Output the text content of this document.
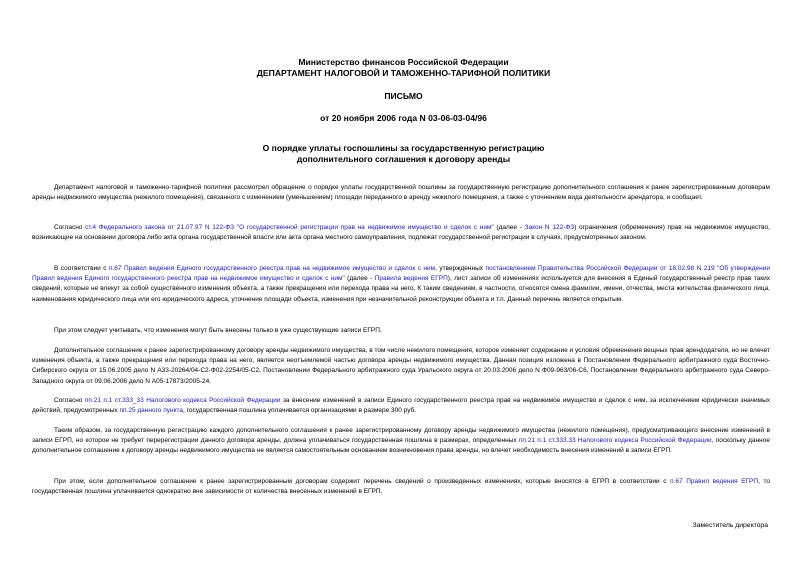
Министерство финансов Российской Федерации

ДЕПАРТАМЕНТ НАЛОГОВОЙ И ТАМОЖЕННО-ТАРИФНОЙ ПОЛИТИКИ

ПИСЬМО

от 20 ноября 2006 года N 03-06-03-04/96

О порядке уплаты госпошлины за государственную регистрацию

дополнительного соглашения к договору аренды

Департамент налоговой и таможенно-тарифной политики рассмотрел обращение о порядке уплаты государственной пошлины за государственную регистрацию дополнительного соглашения к ранее зарегистрированным договорам аренды недвижимого имущества (нежилого помещения), связанного с изменением (уменьшением) площади переданного в аренду нежилого помещения, а также с уточнением вида деятельности арендатора, и сообщает.

Согласно ст.4 Федерального закона от 21.07.97 N 122-ФЗ "О государственной регистрации прав на недвижимое имущество и сделок с ним" (далее - Закон N 122-ФЗ) ограничения (обременения) прав на недвижимое имущество, возникающие на основании договора либо акта органа государственной власти или акта органа местного самоуправления, подлежат государственной регистрации в случаях, предусмотренных законом.

В соответствии с п.67 Правил ведения Единого государственного реестра прав на недвижимое имущество и сделок с ним, утвержденных постановлением Правительства Российской Федерации от 18.02.98 N 219 "Об утверждении Правил ведения Единого государственного реестра прав на недвижимое имущество и сделок с ним" (далее - Правила ведения ЕГРП), лист записи об изменениях используется для внесения в Единый государственный реестр прав таких сведений, которые не влекут за собой существенного изменения объекта, а также прекращения или перехода права на него. К таким сведениям, в частности, относятся смена фамилии, имени, отчества, места жительства физического лица, наименования юридического лица или его юридического адреса, уточнение площади объекта, изменения при незначительной реконструкции объекта и т.п. Данный перечень является открытым.

При этом следует учитывать, что изменения могут быть внесены только в уже существующие записи ЕГРП.

Дополнительное соглашение к ранее зарегистрированному договору аренды недвижимого имущества, в том числе нежилого помещения, которое изменяет содержание и условия обременения вещных прав арендодателя, но не влечет изменения объекта, а также прекращения или перехода права на него, является неотъемлемой частью договора аренды недвижимого имущества. Данная позиция изложена в Постановлении Федерального арбитражного суда Восточно-Сибирского округа от 15.06.2005 дело N А33-20264/04-С2-Ф02-2254/05-С2, Постановлении Федерального арбитражного суда Уральского округа от 20.03.2006 дело N Ф09-963/06-С6, Постановлении Федерального арбитражного суда Северо-Западного округа от 09.06.2006 дело N А05-17873/2005-24.

Согласно пп.21 п.1 ст.333_33 Налогового кодекса Российской Федерации за внесение изменений в записи Единого государственного реестра прав на недвижимое имущество и сделок с ним, за исключением юридически значимых действий, предусмотренных пп.25 данного пункта, государственная пошлина уплачивается организациями в размере 300 руб.

Таким образом, за государственную регистрацию каждого дополнительного соглашения к ранее зарегистрированному договору аренды недвижимого имущества (нежилого помещения), предусматривающего внесение изменений в записи ЕГРП, но которое не требует перерегистрации данного договора аренды, должна уплачиваться государственная пошлина в размерах, определенных пп.21 п.1 ст.333.33 Налогового кодекса Российской Федерации, поскольку данное дополнительное соглашение к договору аренды недвижимого имущества не является самостоятельным основанием возникновения права аренды, но влечет необходимость внесения изменений в записи ЕГРП.

При этом, если дополнительное соглашение к ранее зарегистрированным договорам содержит перечень сведений о произведенных изменениях, которые вносятся в ЕГРП в соответствии с п.67 Правил ведения ЕГРП, то государственная пошлина уплачивается однократно вне зависимости от количества внесенных изменений в ЕГРП.

Заместитель директора
